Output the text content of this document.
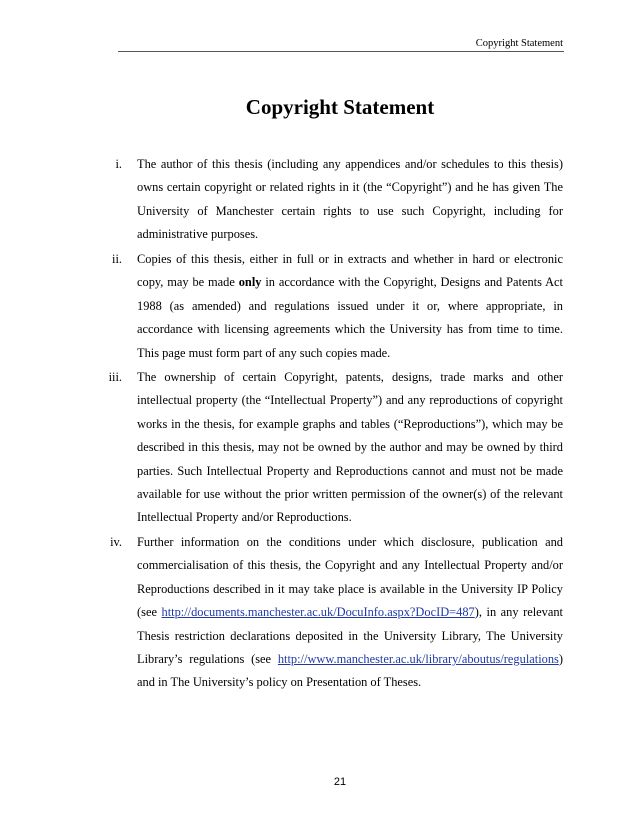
Copyright Statement
Copyright Statement
i. The author of this thesis (including any appendices and/or schedules to this thesis) owns certain copyright or related rights in it (the “Copyright”) and he has given The University of Manchester certain rights to use such Copyright, including for administrative purposes.

ii. Copies of this thesis, either in full or in extracts and whether in hard or electronic copy, may be made only in accordance with the Copyright, Designs and Patents Act 1988 (as amended) and regulations issued under it or, where appropriate, in accordance with licensing agreements which the University has from time to time. This page must form part of any such copies made.

iii. The ownership of certain Copyright, patents, designs, trade marks and other intellectual property (the “Intellectual Property”) and any reproductions of copyright works in the thesis, for example graphs and tables (“Reproductions”), which may be described in this thesis, may not be owned by the author and may be owned by third parties. Such Intellectual Property and Reproductions cannot and must not be made available for use without the prior written permission of the owner(s) of the relevant Intellectual Property and/or Reproductions.

iv. Further information on the conditions under which disclosure, publication and commercialisation of this thesis, the Copyright and any Intellectual Property and/or Reproductions described in it may take place is available in the University IP Policy (see http://documents.manchester.ac.uk/DocuInfo.aspx?DocID=487), in any relevant Thesis restriction declarations deposited in the University Library, The University Library’s regulations (see http://www.manchester.ac.uk/library/aboutus/regulations) and in The University’s policy on Presentation of Theses.

21
